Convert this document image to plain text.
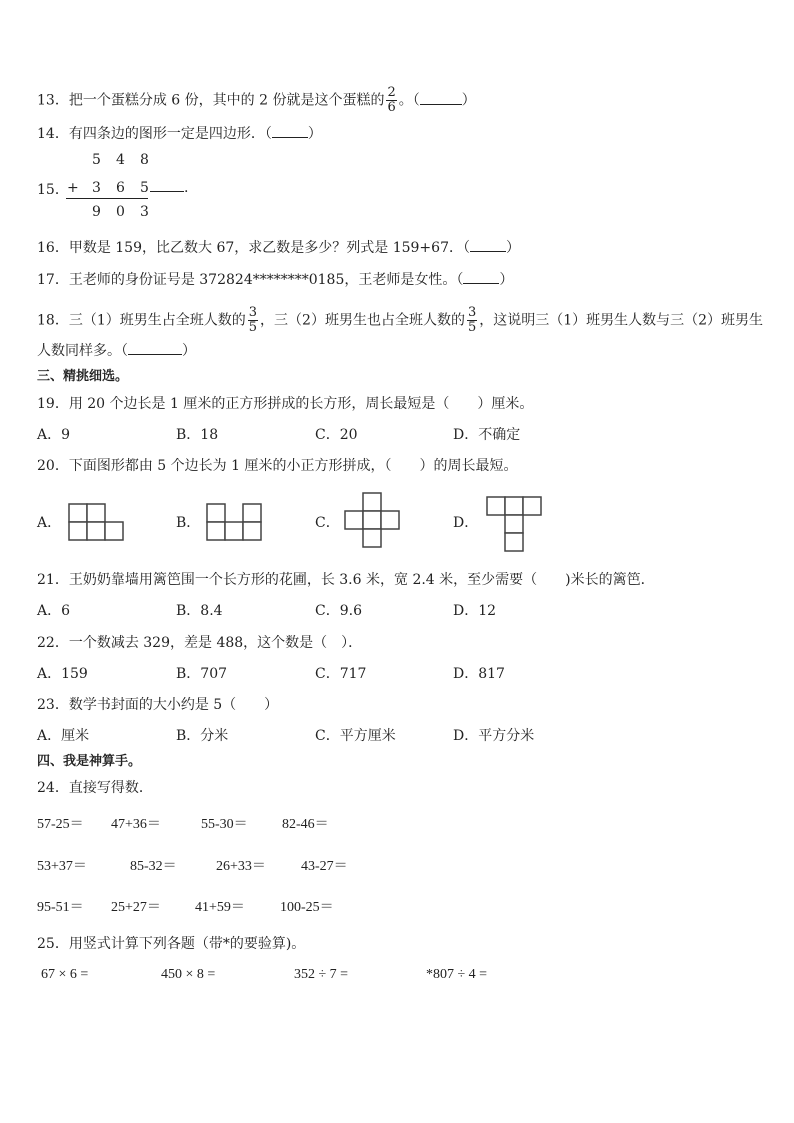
13．把一个蛋糕分成 6 份，其中的 2 份就是这个蛋糕的 $\frac{2}{6}$ 。（	）
14．有四条边的图形一定是四边形．（	）
15．
5 4 8
+ 3 6 5	.
9 0 3
16．甲数是 159，比乙数大 67，求乙数是多少？列式是 159+67．（	）
17．王老师的身份证号是 372824********0185，王老师是女性。（	）
18．三（1）班男生占全班人数的 $\frac{3}{5}$ ，三（2）班男生也占全班人数的 $\frac{3}{5}$ ，这说明三（1）班男生人数与三（2）班男生
人数同样多。（	）
三、精挑细选。
19．用 20 个边长是 1 厘米的正方形拼成的长方形，周长最短是（　　）厘米。
A．9	B．18	C．20	D．不确定
20．下面图形都由 5 个边长为 1 厘米的小正方形拼成，（　　）的周长最短。
A．	B．	C．	D．
21．王奶奶靠墙用篱笆围一个长方形的花圃，长 3.6 米，宽 2.4 米，至少需要（　　)米长的篱笆．
A．6	B．8.4	C．9.6	D．12
22．一个数减去 329，差是 488，这个数是（　）．
A．159	B．707	C．717	D．817
23．数学书封面的大小约是 5（　　）
A．厘米	B．分米	C．平方厘米	D．平方分米
四、我是神算手。
24．直接写得数．
57-25＝ 47+36＝	55-30＝ 82-46＝
53+37＝	85-32＝	26+33＝	43-27＝
95-51＝ 25+27＝ 41+59＝	100-25＝
25．用竖式计算下列各题（带*的要验算)。
67 × 6 =	450 × 8 =	352 ÷ 7 =	*807 ÷ 4 =
